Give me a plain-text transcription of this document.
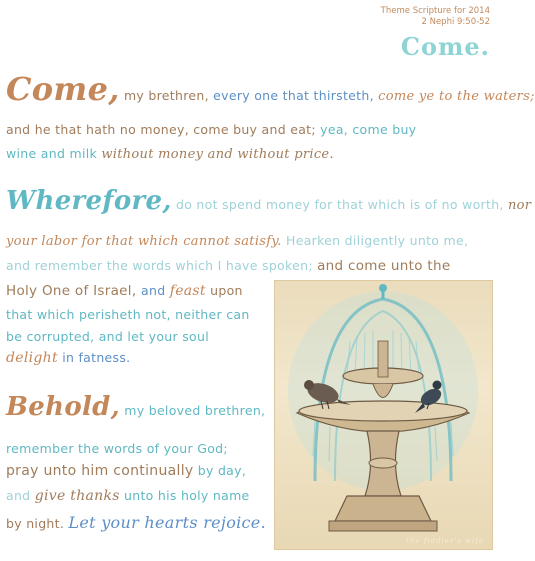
Theme Scripture for 2014
2 Nephi 9:50-52
Come.
Come, my brethren, every one that thirsteth, come ye to the waters;
and he that hath no money, come buy and eat; yea, come buy
wine and milk without money and without price.
Wherefore, do not spend money for that which is of no worth, nor
your labor for that which cannot satisfy. Hearken diligently unto me,
and remember the words which I have spoken; and come unto the
Holy One of Israel, and feast upon
that which perisheth not, neither can
be corrupted, and let your soul
delight in fatness.
Behold, my beloved brethren,
remember the words of your God;
pray unto him continually by day,
and give thanks unto his holy name
by night. Let your hearts rejoice.
the fiddler's wife
